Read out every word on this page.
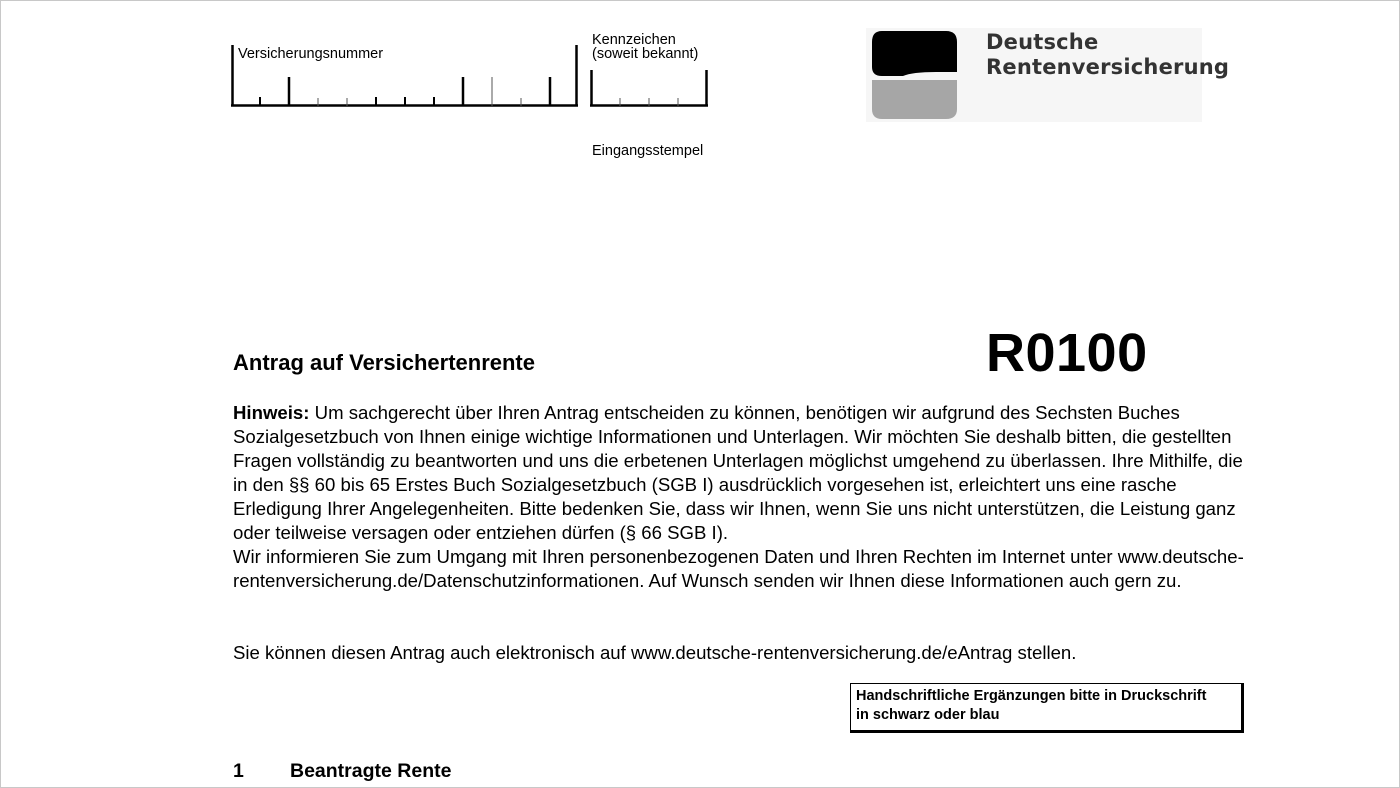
Versicherungsnummer
Kennzeichen
(soweit bekannt)
Eingangsstempel
Deutsche
Rentenversicherung
Antrag auf Versichertenrente	R0100

Hinweis: Um sachgerecht über Ihren Antrag entscheiden zu können, benötigen wir aufgrund des Sechsten Buches Sozialgesetzbuch von Ihnen einige wichtige Informationen und Unterlagen. Wir möchten Sie deshalb bitten, die gestellten Fragen vollständig zu beantworten und uns die erbetenen Unterlagen möglichst umgehend zu überlassen. Ihre Mithilfe, die in den §§ 60 bis 65 Erstes Buch Sozialgesetzbuch (SGB I) ausdrücklich vorgesehen ist, erleichtert uns eine rasche Erledigung Ihrer Angelegenheiten. Bitte bedenken Sie, dass wir Ihnen, wenn Sie uns nicht unterstützen, die Leistung ganz oder teilweise versagen oder entziehen dürfen (§ 66 SGB I).

Wir informieren Sie zum Umgang mit Ihren personenbezogenen Daten und Ihren Rechten im Internet unter www.deutsche-rentenversicherung.de/Datenschutzinformationen. Auf Wunsch senden wir Ihnen diese Informationen auch gern zu.

Sie können diesen Antrag auch elektronisch auf www.deutsche-rentenversicherung.de/eAntrag stellen.
Handschriftliche Ergänzungen bitte in Druckschrift
in schwarz oder blau
1 Beantragte Rente
